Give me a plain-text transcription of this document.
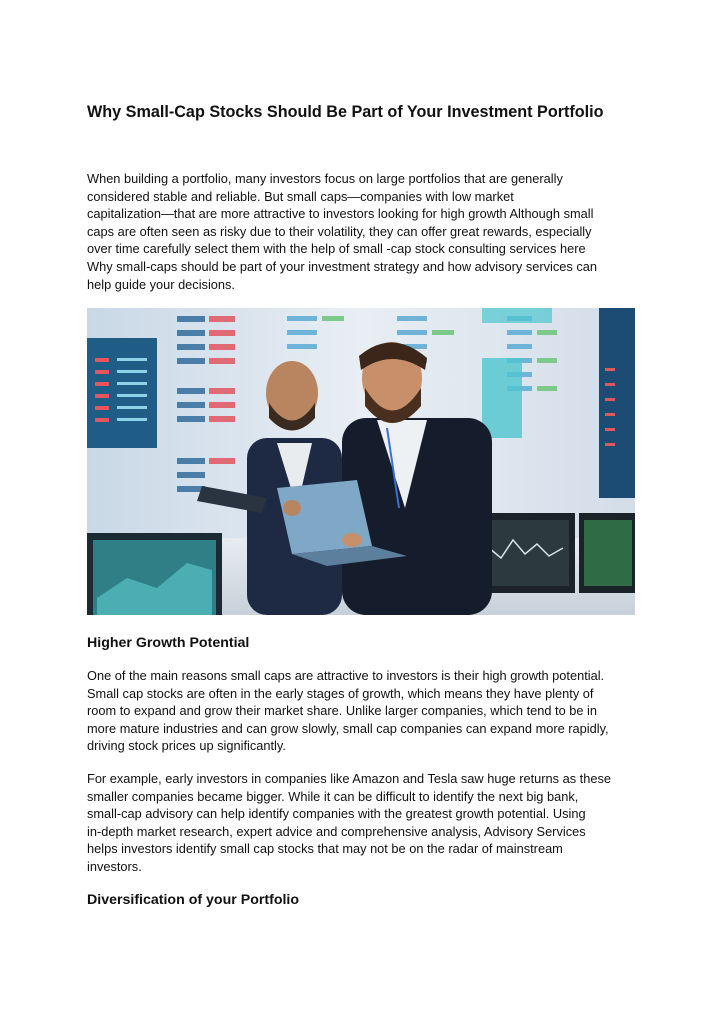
Why Small-Cap Stocks Should Be Part of Your Investment Portfolio
When building a portfolio, many investors focus on large portfolios that are generally
considered stable and reliable. But small caps—companies with low market
capitalization—that are more attractive to investors looking for high growth Although small
caps are often seen as risky due to their volatility, they can offer great rewards, especially
over time carefully select them with the help of small -cap stock consulting services here
Why small-caps should be part of your investment strategy and how advisory services can
help guide your decisions.
Higher Growth Potential
One of the main reasons small caps are attractive to investors is their high growth potential.
Small cap stocks are often in the early stages of growth, which means they have plenty of
room to expand and grow their market share. Unlike larger companies, which tend to be in
more mature industries and can grow slowly, small cap companies can expand more rapidly,
driving stock prices up significantly.
For example, early investors in companies like Amazon and Tesla saw huge returns as these
smaller companies became bigger. While it can be difficult to identify the next big bank,
small-cap advisory can help identify companies with the greatest growth potential. Using
in-depth market research, expert advice and comprehensive analysis, Advisory Services
helps investors identify small cap stocks that may not be on the radar of mainstream
investors.
Diversification of your Portfolio
